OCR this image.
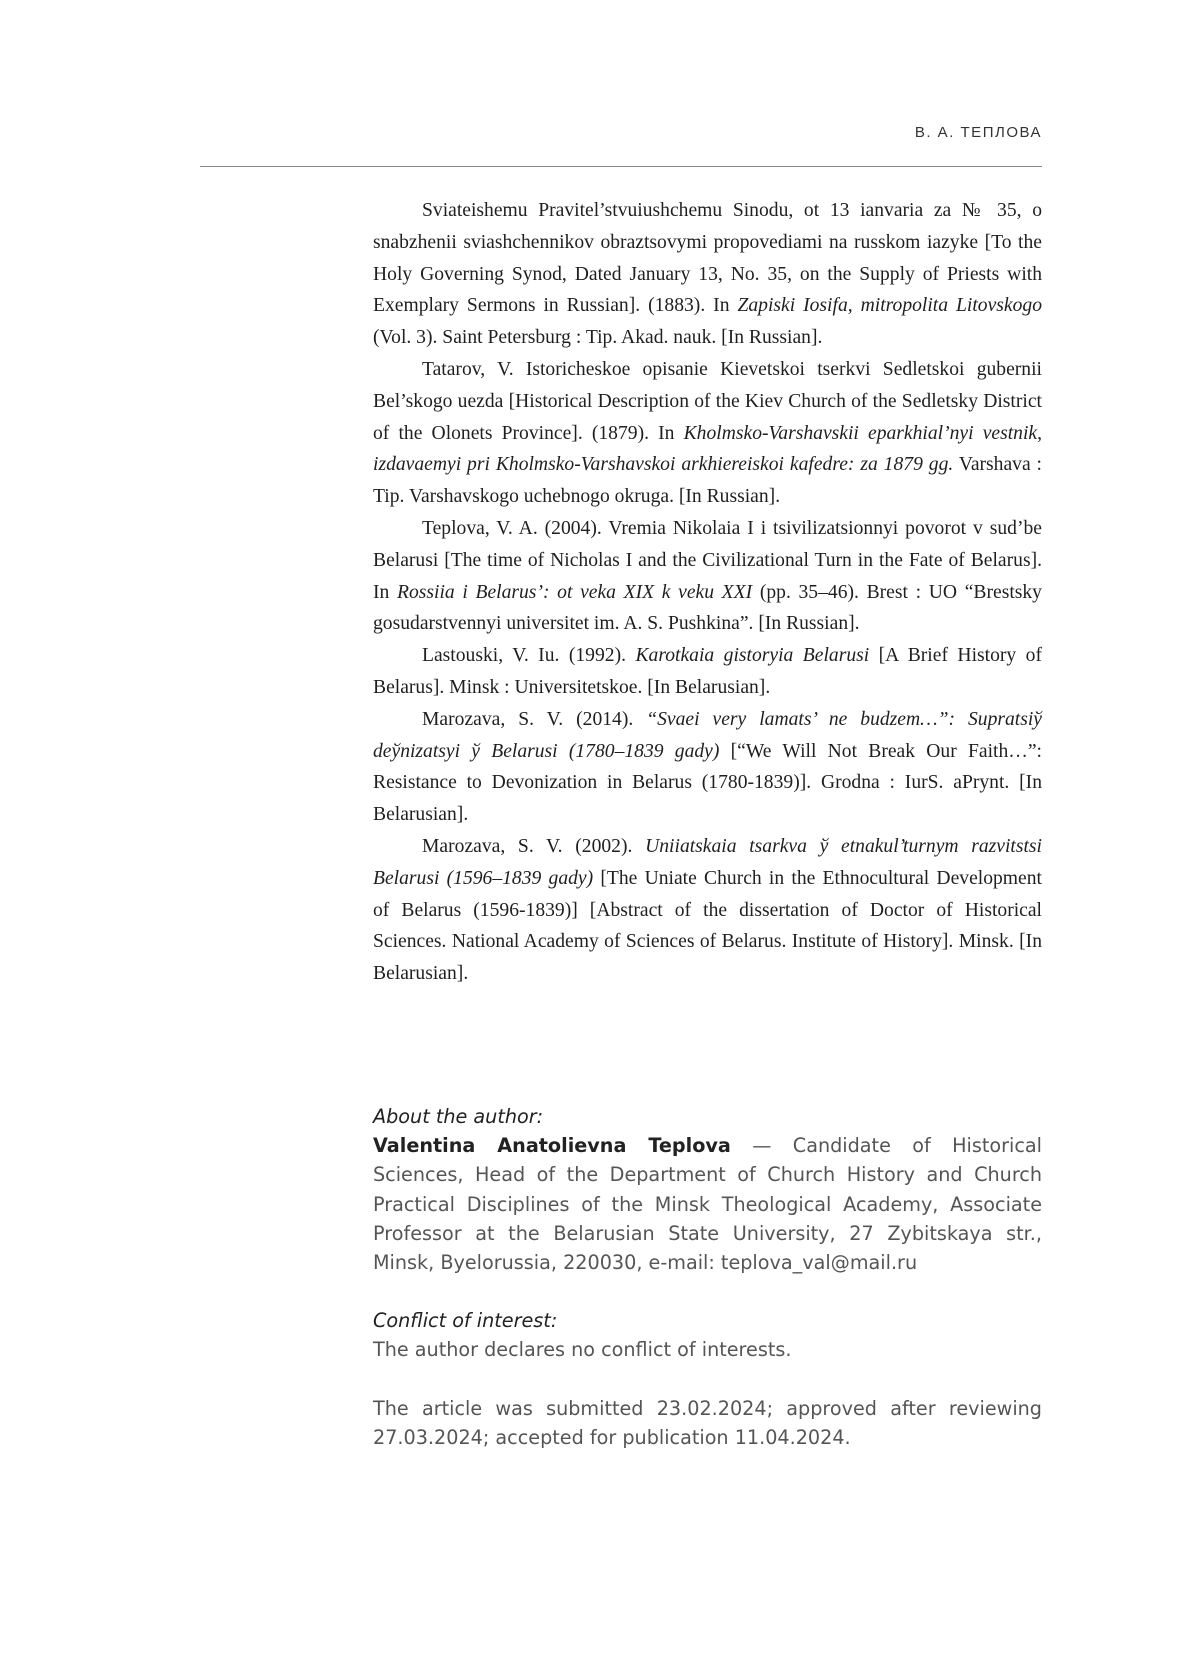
В. А. ТЕПЛОВА

Sviateishemu Pravitel’stvuiushchemu Sinodu, ot 13 ianvaria za № 35, o snabzhenii sviashchennikov obraztsovymi propovediami na russkom iazyke [To the Holy Governing Synod, Dated January 13, No. 35, on the Supply of Priests with Exemplary Sermons in Russian]. (1883). In Zapiski Iosifa, mitropolita Litovskogo (Vol. 3). Saint Petersburg : Tip. Akad. nauk. [In Russian].

Tatarov, V. Istoricheskoe opisanie Kievetskoi tserkvi Sedletskoi gubernii Bel’skogo uezda [Historical Description of the Kiev Church of the Sedletsky District of the Olonets Province]. (1879). In Kholmsko-Varshavskii eparkhial’nyi vestnik, izdavaemyi pri Kholmsko-Varshavskoi arkhiereiskoi kafedre: za 1879 gg. Varshava : Tip. Varshavskogo uchebnogo okruga. [In Russian].

Teplova, V. A. (2004). Vremia Nikolaia I i tsivilizatsionnyi povorot v sud’be Belarusi [The time of Nicholas I and the Civilizational Turn in the Fate of Belarus]. In Rossiia i Belarus’: ot veka XIX k veku XXI (pp. 35–46). Brest : UO “Brestsky gosudarstvennyi universitet im. A. S. Pushkina”. [In Russian].

Lastouski, V. Iu. (1992). Karotkaia gistoryia Belarusi [A Brief History of Belarus]. Minsk : Universitetskoe. [In Belarusian].

Marozava, S. V. (2014). “Svaei very lamats’ ne budzem…”: Supratsiў deўnizatsyi ў Belarusi (1780–1839 gady) [“We Will Not Break Our Faith…”: Resistance to Devonization in Belarus (1780-1839)]. Grodna : IurS. aPrynt. [In Belarusian].

Marozava, S. V. (2002). Uniiatskaia tsarkva ў etnakul’turnym razvitstsi Belarusi (1596–1839 gady) [The Uniate Church in the Ethnocultural Development of Belarus (1596-1839)] [Abstract of the dissertation of Doctor of Historical Sciences. National Academy of Sciences of Belarus. Institute of History]. Minsk. [In Belarusian].

About the author:

Valentina Anatolievna Teplova — Candidate of Historical Sciences, Head of the Department of Church History and Church Practical Disciplines of the Minsk Theological Academy, Associate Professor at the Belarusian State University, 27 Zybitskaya str., Minsk, Byelorussia, 220030, e-mail: teplova_val@mail.ru

Conflict of interest:

The author declares no conflict of interests.

The article was submitted 23.02.2024; approved after reviewing 27.03.2024; accepted for publication 11.04.2024.
